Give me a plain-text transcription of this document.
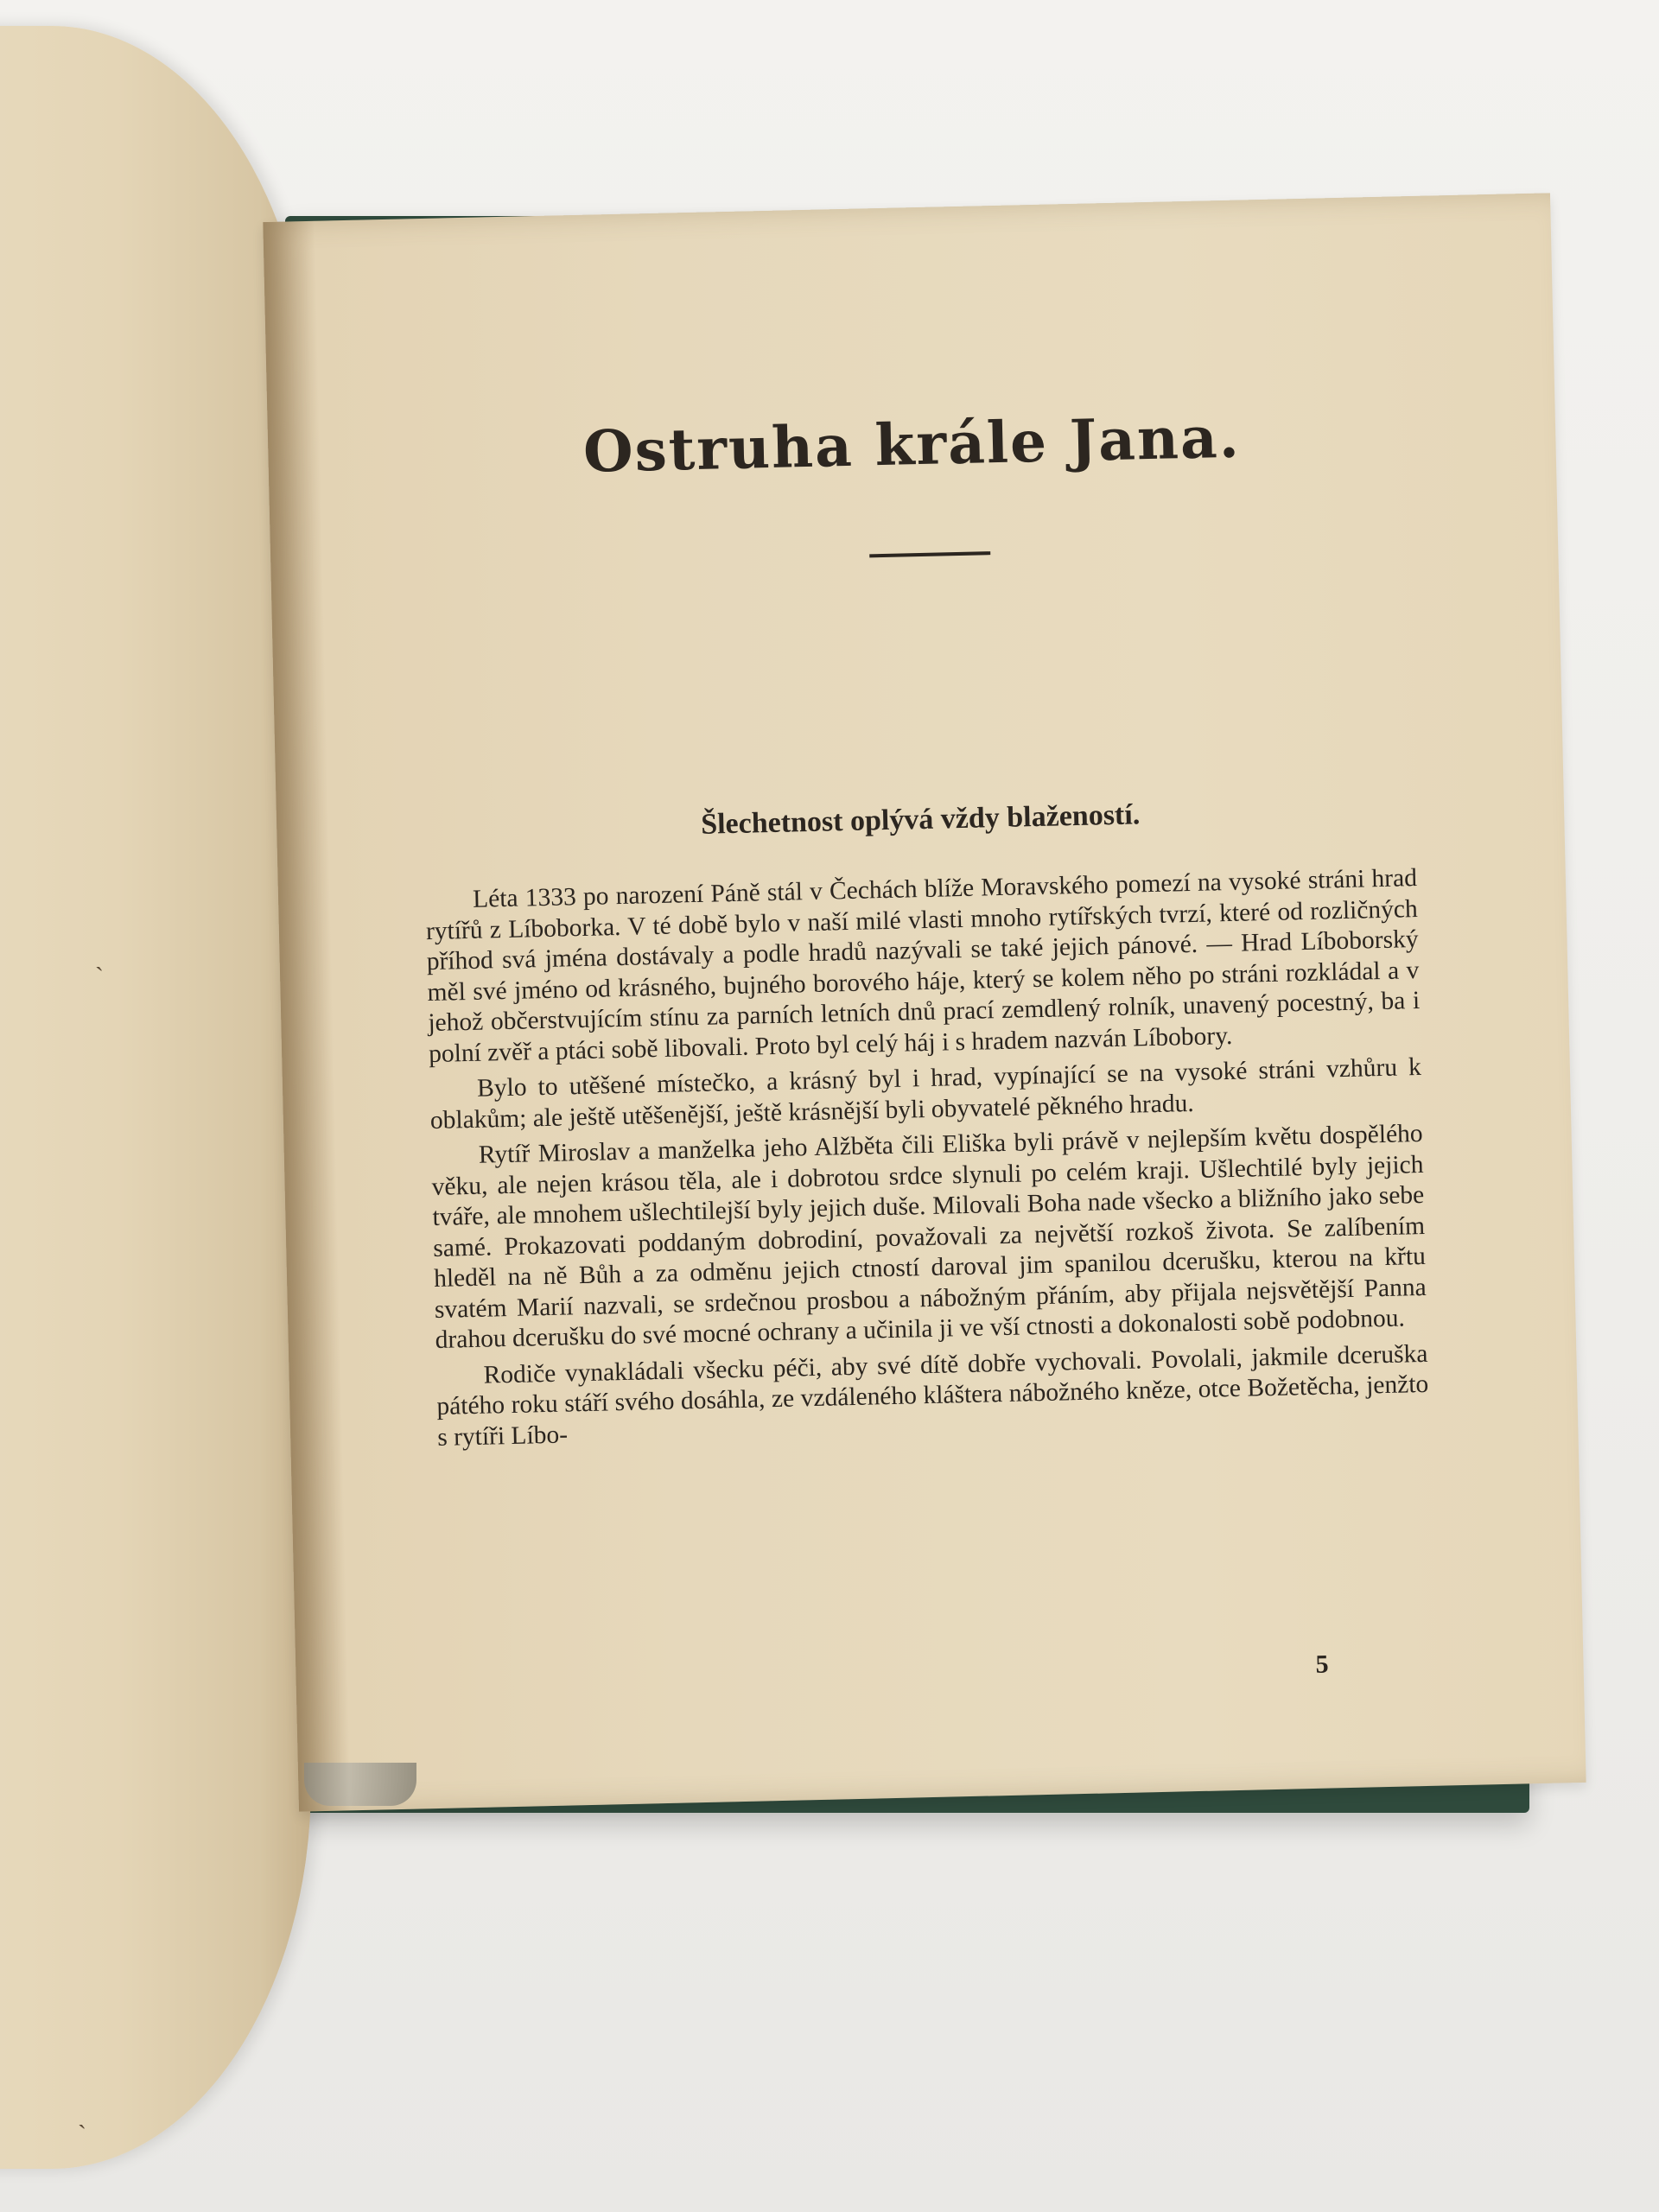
ˏ
ˏ
Ostruha krále Jana.
Šlechetnost oplývá vždy blažeností.

Léta 1333 po narození Páně stál v Čechách blíže Moravského pomezí na vysoké stráni hrad rytířů z Líboborka. V té době bylo v naší milé vlasti mnoho rytířských tvrzí, které od rozličných příhod svá jména dostávaly a podle hradů nazývali se také jejich pánové. — Hrad Líboborský měl své jméno od krásného, bujného borového háje, který se kolem něho po stráni rozkládal a v jehož občerstvujícím stínu za parních letních dnů prací zemdlený rolník, unavený pocestný, ba i polní zvěř a ptáci sobě libovali. Proto byl celý háj i s hradem nazván Líbobory.

Bylo to utěšené místečko, a krásný byl i hrad, vypínající se na vysoké stráni vzhůru k oblakům; ale ještě utěšenější, ještě krásnější byli obyvatelé pěkného hradu.

Rytíř Miroslav a manželka jeho Alžběta čili Eliška byli právě v nejlepším květu dospělého věku, ale nejen krásou těla, ale i dobrotou srdce slynuli po celém kraji. Ušlechtilé byly jejich tváře, ale mnohem ušlechtilejší byly jejich duše. Milovali Boha nade všecko a bližního jako sebe samé. Prokazovati poddaným dobrodiní, považovali za největší rozkoš života. Se zalíbením hleděl na ně Bůh a za odměnu jejich ctností daroval jim spanilou dcerušku, kterou na křtu svatém Marií nazvali, se srdečnou prosbou a nábožným přáním, aby přijala nejsvětější Panna drahou dcerušku do své mocné ochrany a učinila ji ve vší ctnosti a dokonalosti sobě podobnou.

Rodiče vynakládali všecku péči, aby své dítě dobře vychovali. Povolali, jakmile dceruška pátého roku stáří svého dosáhla, ze vzdáleného kláštera nábožného kněze, otce Božetěcha, jenžto s rytíři Líbo-

5
